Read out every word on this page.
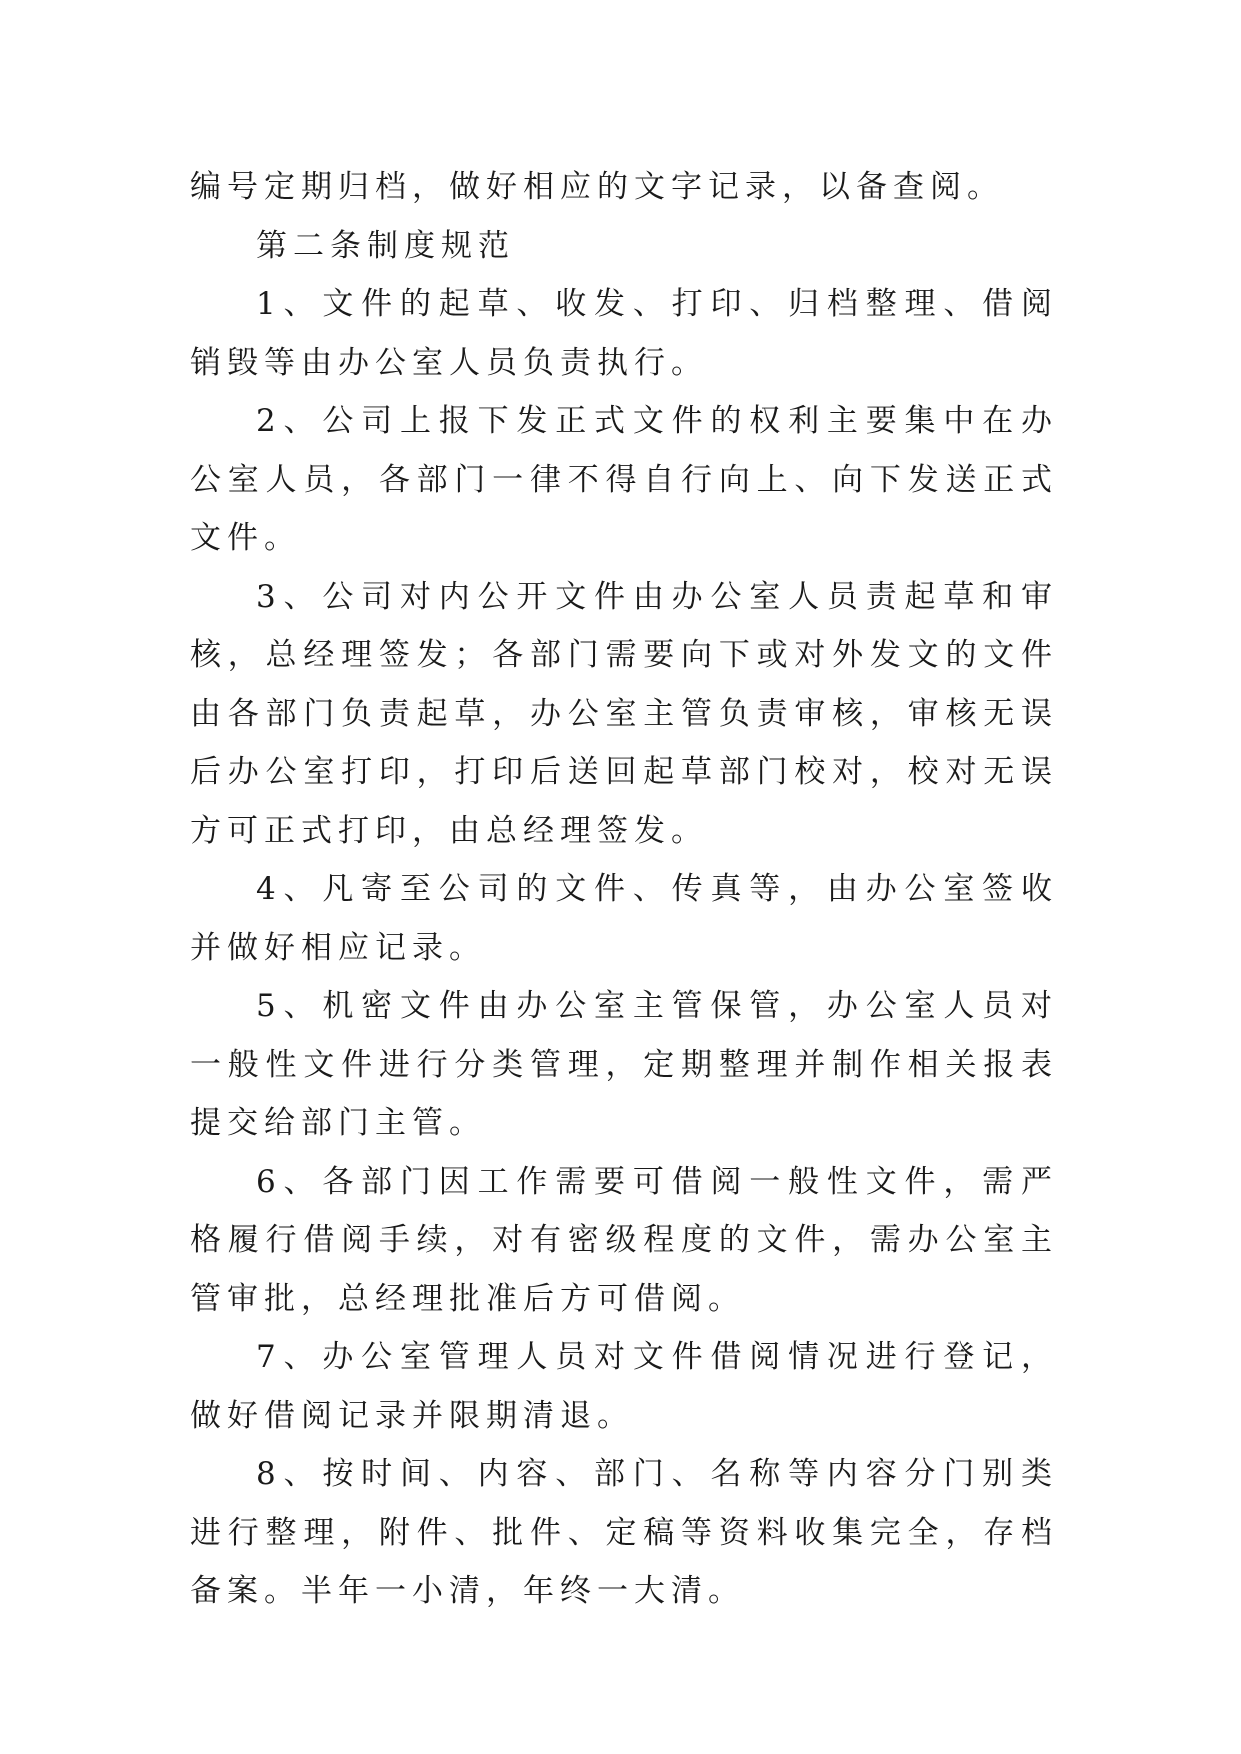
编号定期归档，做好相应的文字记录，以备查阅。

第二条制度规范

1、文件的起草、收发、打印、归档整理、借阅销毁等由办公室人员负责执行。

2、公司上报下发正式文件的权利主要集中在办公室人员，各部门一律不得自行向上、向下发送正式文件。

3、公司对内公开文件由办公室人员责起草和审核，总经理签发；各部门需要向下或对外发文的文件由各部门负责起草，办公室主管负责审核，审核无误后办公室打印，打印后送回起草部门校对，校对无误方可正式打印，由总经理签发。

4、凡寄至公司的文件、传真等，由办公室签收并做好相应记录。

5、机密文件由办公室主管保管，办公室人员对一般性文件进行分类管理，定期整理并制作相关报表提交给部门主管。

6、各部门因工作需要可借阅一般性文件，需严格履行借阅手续，对有密级程度的文件，需办公室主管审批，总经理批准后方可借阅。

7、办公室管理人员对文件借阅情况进行登记，做好借阅记录并限期清退。

8、按时间、内容、部门、名称等内容分门别类进行整理，附件、批件、定稿等资料收集完全，存档备案。半年一小清，年终一大清。
